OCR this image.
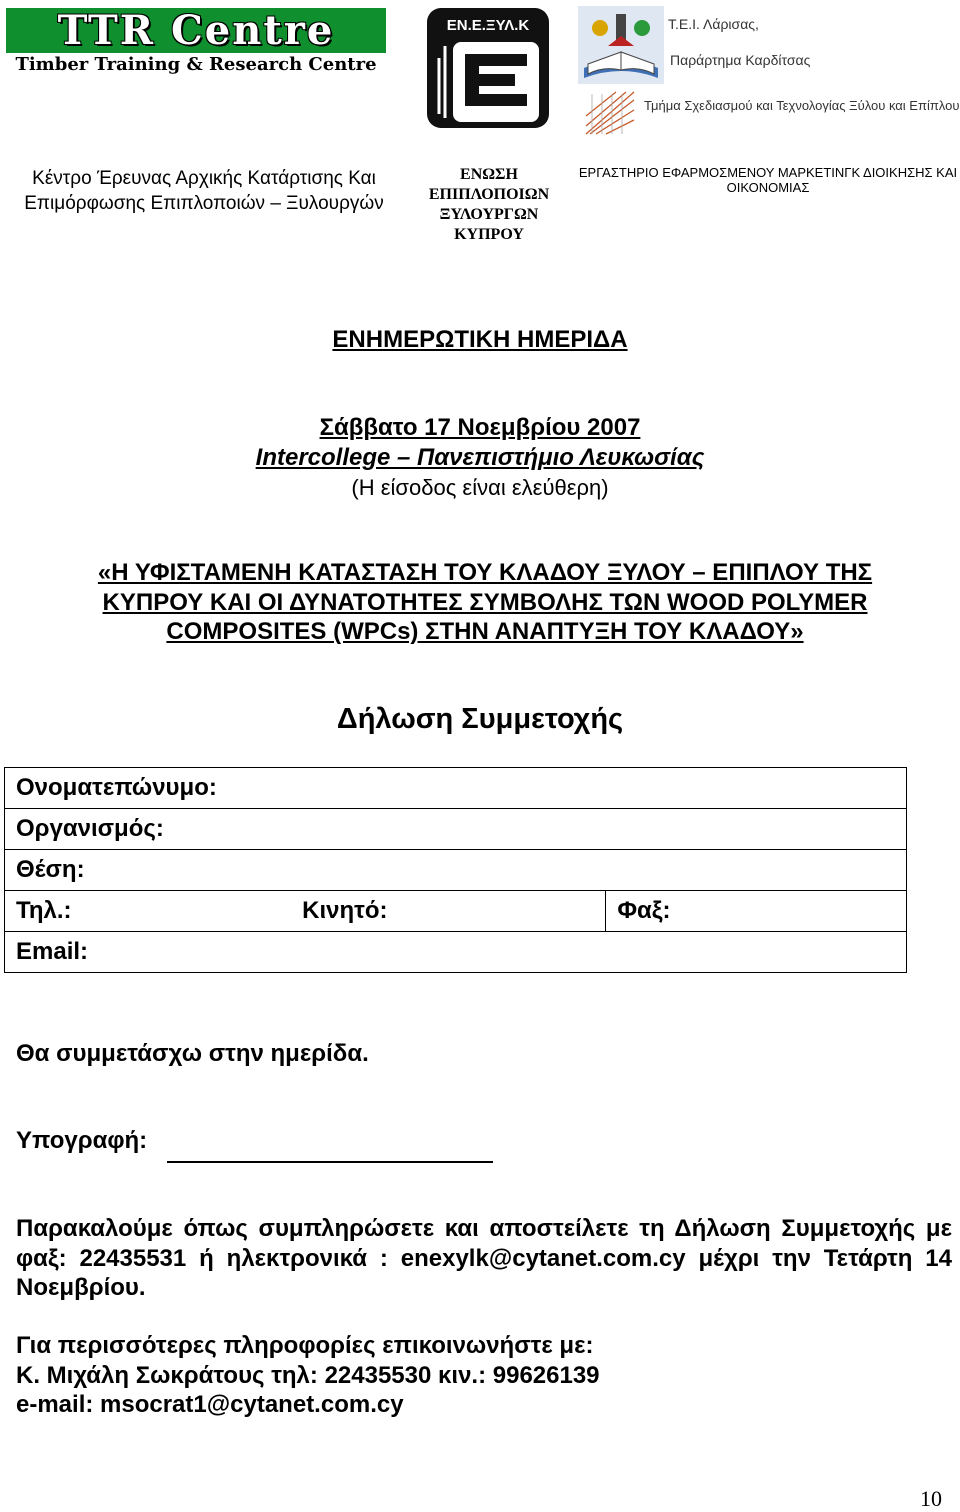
TTR Centre
Timber Training & Research Centre
ΕΝ.Ε.ΞΥΛ.Κ	Τ.Ε.Ι. Λάρισας,
Παράρτημα Καρδίτσας
Τμήμα Σχεδιασμού και Τεχνολογίας Ξύλου και Επίπλου
Κέντρο Έρευνας Αρχικής Κατάρτισης Και
Επιμόρφωσης Επιπλοποιών – Ξυλουργών
ΕΝΩΣΗ
ΕΠΙΠΛΟΠΟΙΩΝ
ΞΥΛΟΥΡΓΩΝ
ΚΥΠΡΟΥ
ΕΡΓΑΣΤΗΡΙΟ ΕΦΑΡΜΟΣΜΕΝΟΥ ΜΑΡΚΕΤΙΝΓΚ ΔΙΟΙΚΗΣΗΣ ΚΑΙ
ΟΙΚΟΝΟΜΙΑΣ
ΕΝΗΜΕΡΩΤΙΚΗ ΗΜΕΡΙΔΑ
Σάββατο 17 Νοεμβρίου 2007
Intercollege – Πανεπιστήμιο Λευκωσίας
(Η είσοδος είναι ελεύθερη)
«Η ΥΦΙΣΤΑΜΕΝΗ ΚΑΤΑΣΤΑΣΗ ΤΟΥ ΚΛΑΔΟΥ ΞΥΛΟΥ – ΕΠΙΠΛΟΥ ΤΗΣ
ΚΥΠΡΟΥ ΚΑΙ ΟΙ ΔΥΝΑΤΟΤΗΤΕΣ ΣΥΜΒΟΛΗΣ ΤΩΝ WOOD POLYMER
COMPOSITES (WPCs) ΣΤΗΝ ΑΝΑΠΤΥΞΗ ΤΟΥ ΚΛΑΔΟΥ»
Δήλωση Συμμετοχής
Ονοματεπώνυμο:
Οργανισμός:
Θέση:
Τηλ.:	Κινητό:	Φαξ:
Email:
Θα συμμετάσχω στην ημερίδα.
Υπογραφή:
Παρακαλούμε όπως συμπληρώσετε και αποστείλετε τη Δήλωση Συμμετοχής με φαξ: 22435531 ή ηλεκτρονικά : enexylk@cytanet.com.cy μέχρι την Τετάρτη 14 Νοεμβρίου.
Για περισσότερες πληροφορίες επικοινωνήστε με:
Κ. Μιχάλη Σωκράτους τηλ: 22435530 κιν.: 99626139
e-mail: msocrat1@cytanet.com.cy
10
